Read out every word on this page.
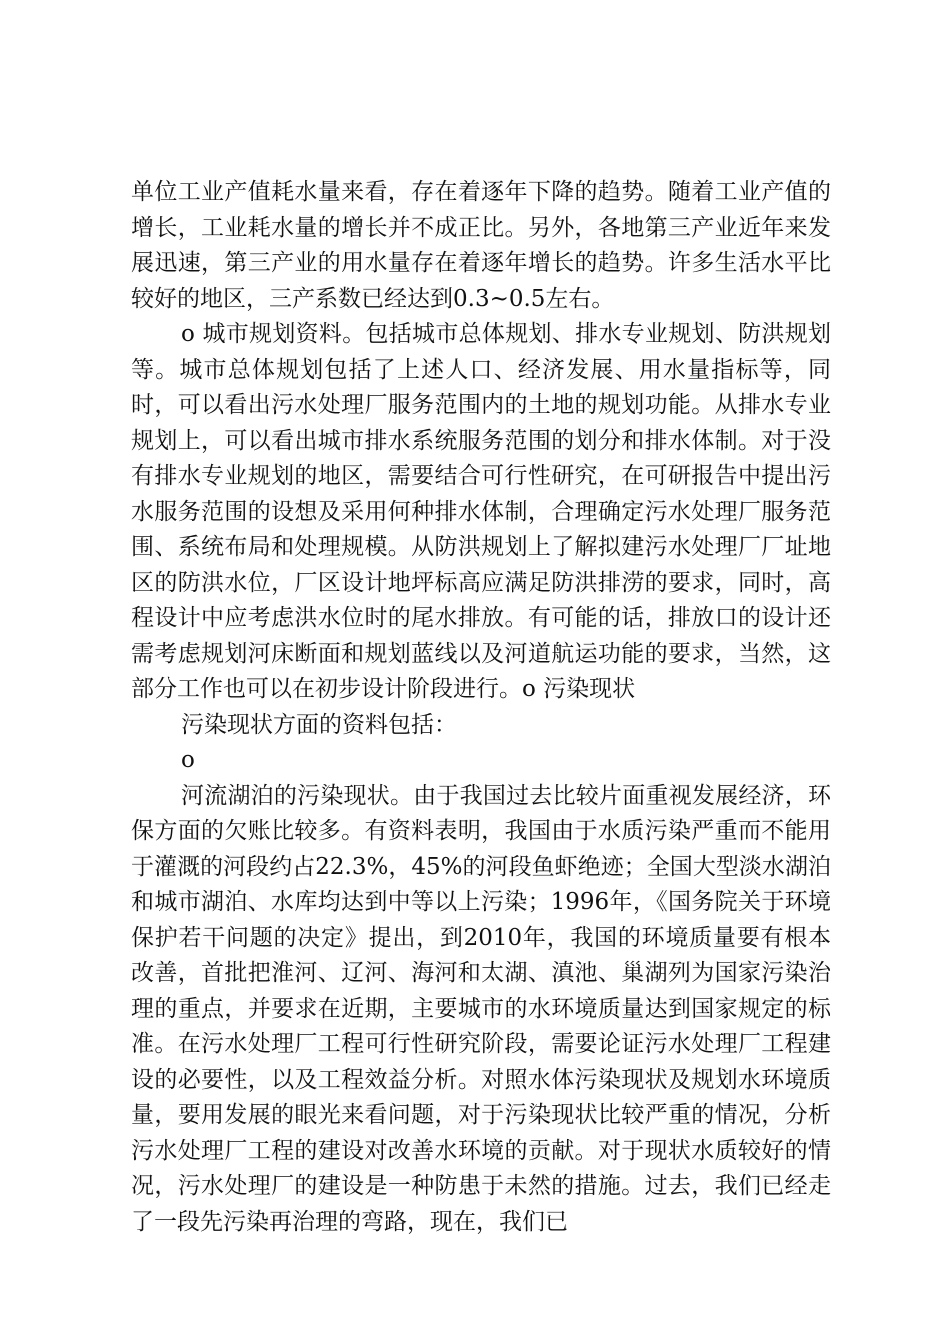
单位工业产值耗水量来看，存在着逐年下降的趋势。随着工业产值的增长，工业耗水量的增长并不成正比。另外，各地第三产业近年来发展迅速，第三产业的用水量存在着逐年增长的趋势。许多生活水平比较好的地区，三产系数已经达到0.3~0.5左右。

o 城市规划资料。包括城市总体规划、排水专业规划、防洪规划等。城市总体规划包括了上述人口、经济发展、用水量指标等，同时，可以看出污水处理厂服务范围内的土地的规划功能。从排水专业规划上，可以看出城市排水系统服务范围的划分和排水体制。对于没有排水专业规划的地区，需要结合可行性研究，在可研报告中提出污水服务范围的设想及采用何种排水体制，合理确定污水处理厂服务范围、系统布局和处理规模。从防洪规划上了解拟建污水处理厂厂址地区的防洪水位，厂区设计地坪标高应满足防洪排涝的要求，同时，高程设计中应考虑洪水位时的尾水排放。有可能的话，排放口的设计还需考虑规划河床断面和规划蓝线以及河道航运功能的要求，当然，这部分工作也可以在初步设计阶段进行。o 污染现状

污染现状方面的资料包括：

o

河流湖泊的污染现状。由于我国过去比较片面重视发展经济，环保方面的欠账比较多。有资料表明，我国由于水质污染严重而不能用于灌溉的河段约占22.3%，45%的河段鱼虾绝迹；全国大型淡水湖泊和城市湖泊、水库均达到中等以上污染；1996年，《国务院关于环境保护若干问题的决定》提出，到2010年，我国的环境质量要有根本改善，首批把淮河、辽河、海河和太湖、滇池、巢湖列为国家污染治理的重点，并要求在近期，主要城市的水环境质量达到国家规定的标准。在污水处理厂工程可行性研究阶段，需要论证污水处理厂工程建设的必要性，以及工程效益分析。对照水体污染现状及规划水环境质量，要用发展的眼光来看问题，对于污染现状比较严重的情况，分析污水处理厂工程的建设对改善水环境的贡献。对于现状水质较好的情况，污水处理厂的建设是一种防患于未然的措施。过去，我们已经走了一段先污染再治理的弯路，现在，我们已
